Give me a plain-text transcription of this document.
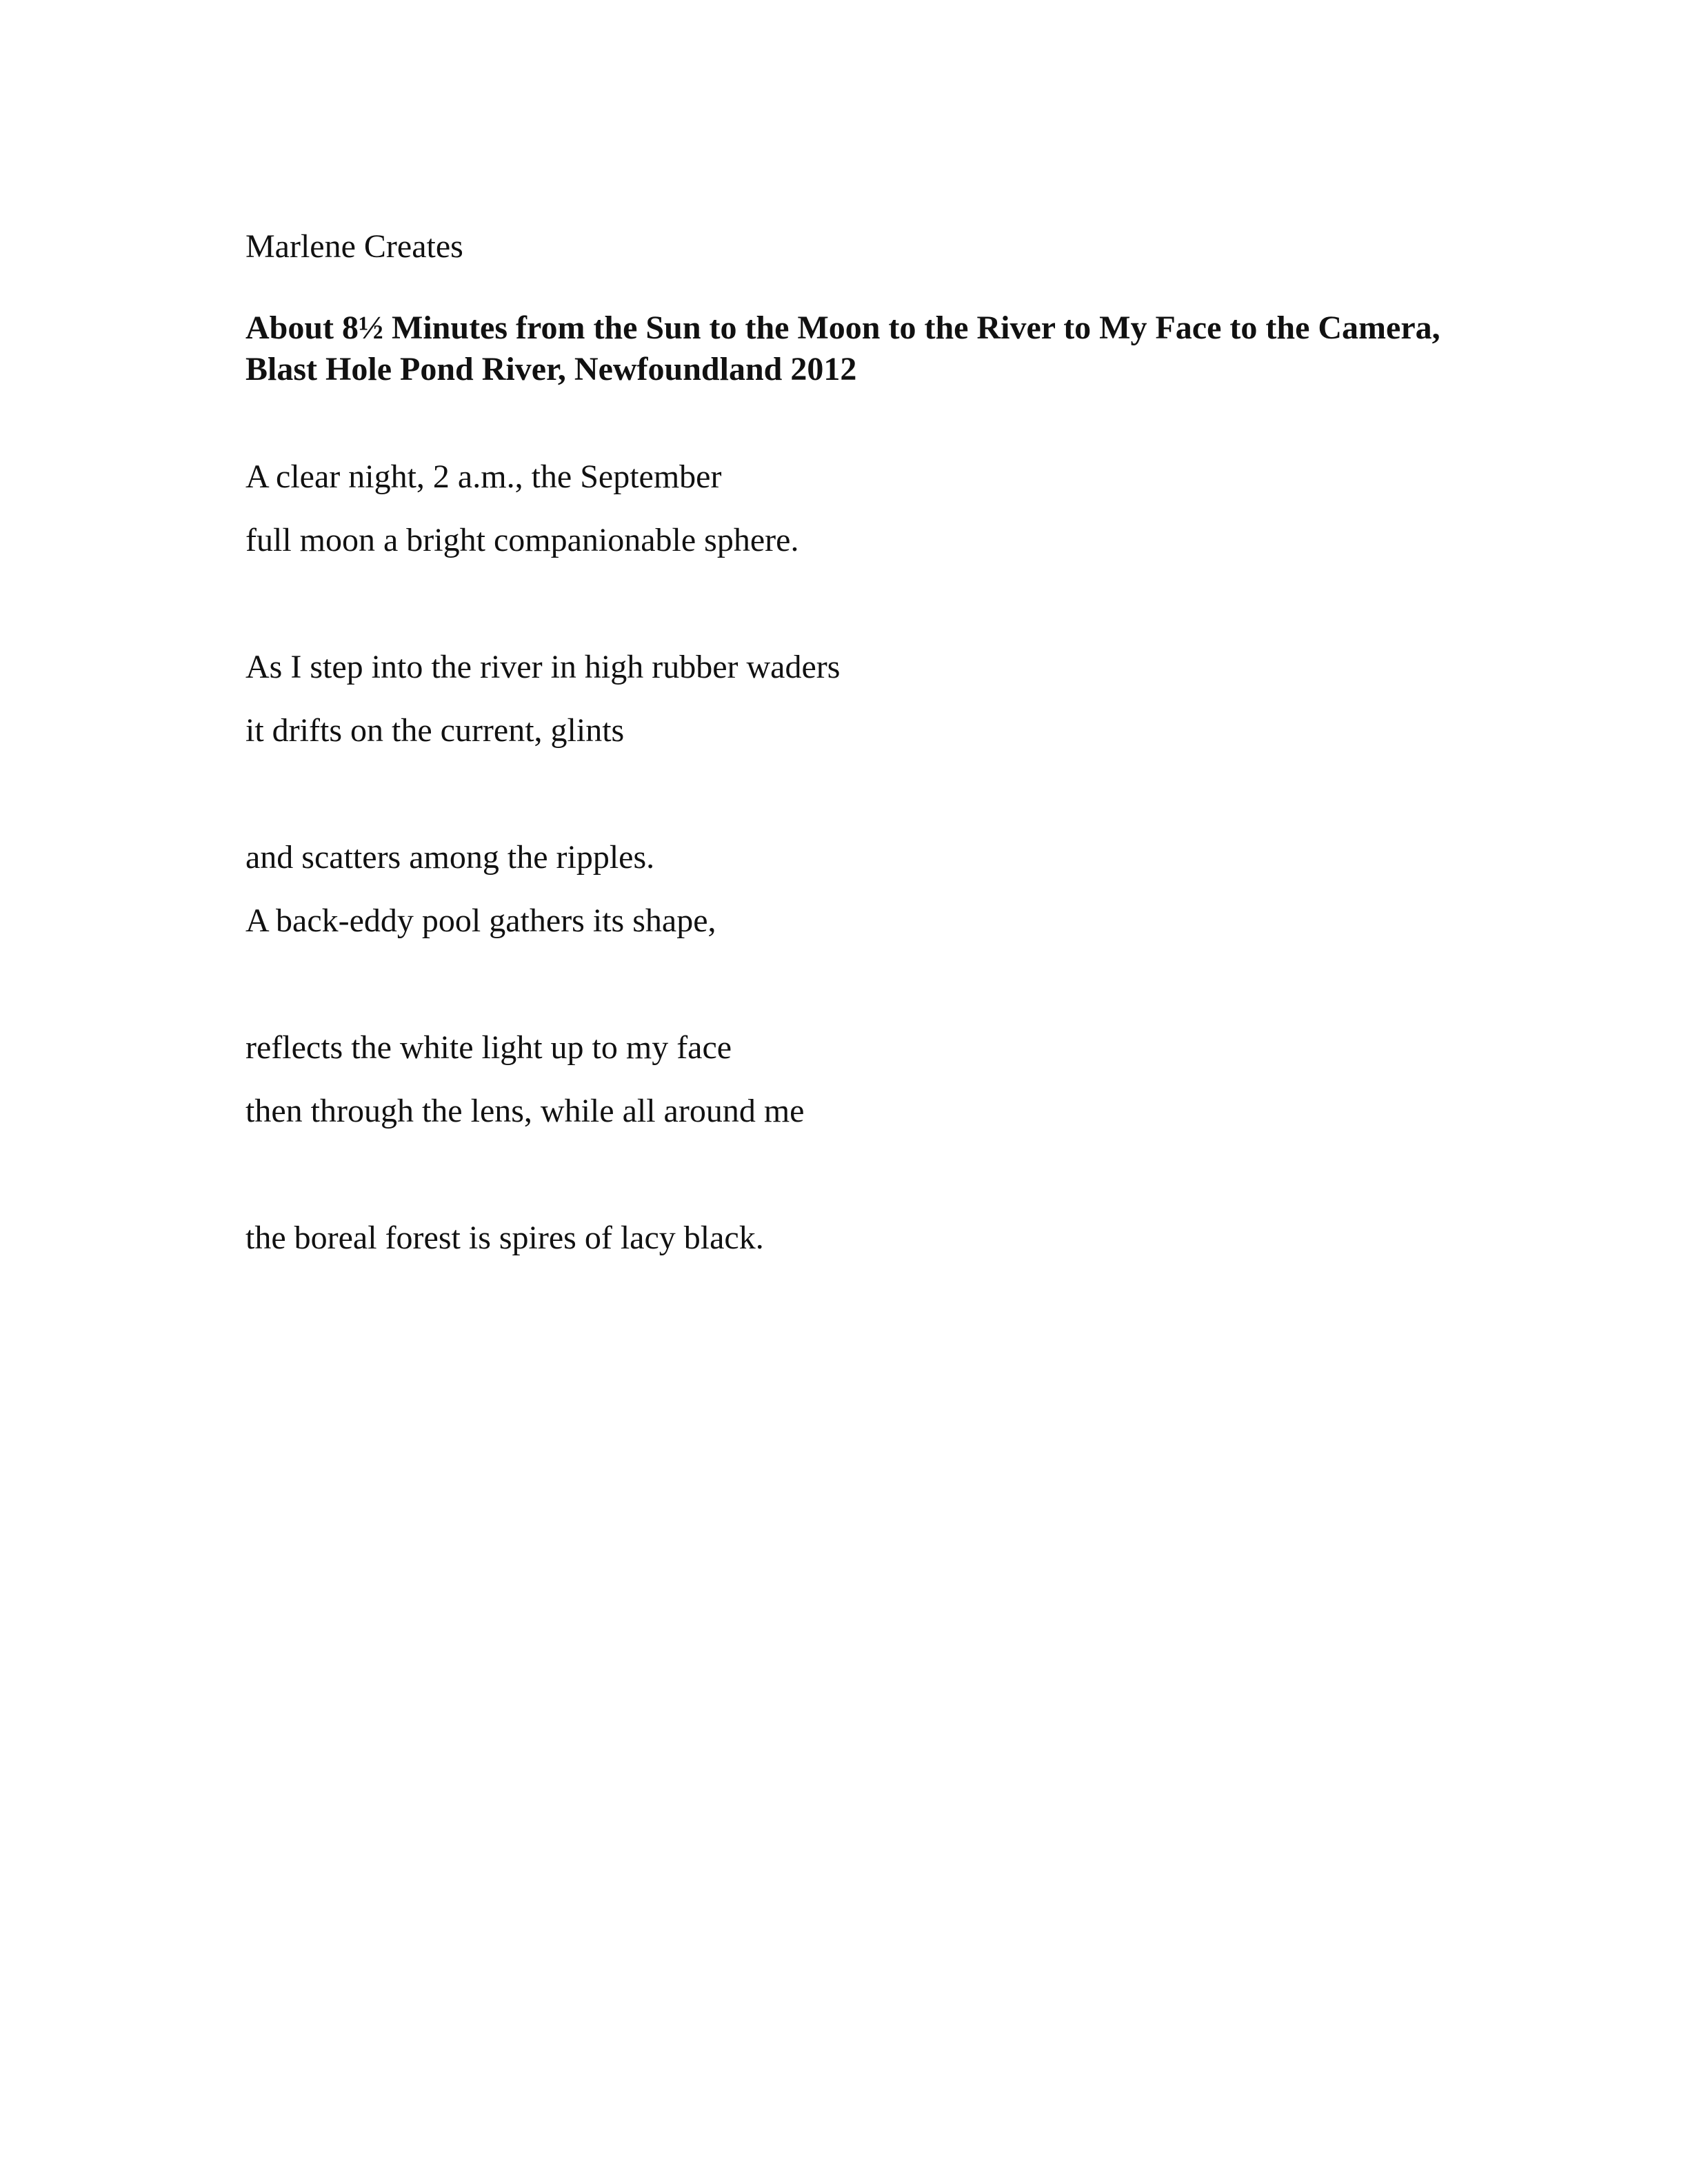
Marlene Creates
About 8½ Minutes from the Sun to the Moon to the River to My Face to the Camera,
Blast Hole Pond River, Newfoundland 2012
A clear night, 2 a.m., the September
full moon a bright companionable sphere.
As I step into the river in high rubber waders
it drifts on the current, glints
and scatters among the ripples.
A back-eddy pool gathers its shape,
reflects the white light up to my face
then through the lens, while all around me
the boreal forest is spires of lacy black.
